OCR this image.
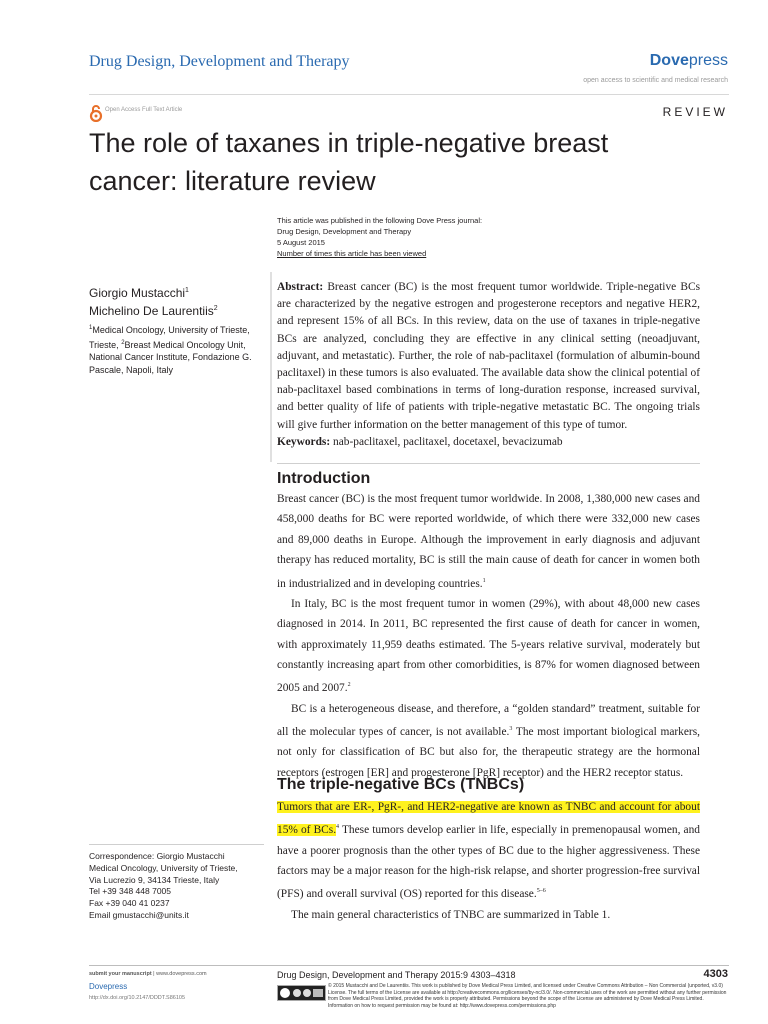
Drug Design, Development and Therapy	Dovepress
open access to scientific and medical research
Open Access Full Text Article	REVIEW
The role of taxanes in triple-negative breast cancer: literature review
This article was published in the following Dove Press journal:
Drug Design, Development and Therapy
5 August 2015
Number of times this article has been viewed
Giorgio Mustacchi$^1$
Michelino De Laurentiis$^2$
$^1$Medical Oncology, University of Trieste, Trieste, $^2$Breast Medical Oncology Unit, National Cancer Institute, Fondazione G. Pascale, Napoli, Italy
Abstract: Breast cancer (BC) is the most frequent tumor worldwide. Triple-negative BCs are characterized by the negative estrogen and progesterone receptors and negative HER2, and represent 15% of all BCs. In this review, data on the use of taxanes in triple-negative BCs are analyzed, concluding they are effective in any clinical setting (neoadjuvant, adjuvant, and metastatic). Further, the role of nab-paclitaxel (formulation of albumin-bound paclitaxel) in these tumors is also evaluated. The available data show the clinical potential of nab-paclitaxel based combinations in terms of long-duration response, increased survival, and better quality of life of patients with triple-negative metastatic BC. The ongoing trials will give further information on the better management of this type of tumor.
Keywords: nab-paclitaxel, paclitaxel, docetaxel, bevacizumab
Introduction

Breast cancer (BC) is the most frequent tumor worldwide. In 2008, 1,380,000 new cases and 458,000 deaths for BC were reported worldwide, of which there were 332,000 new cases and 89,000 deaths in Europe. Although the improvement in early diagnosis and adjuvant therapy has reduced mortality, BC is still the main cause of death for cancer in women both in industrialized and in developing countries.$^1$

In Italy, BC is the most frequent tumor in women (29%), with about 48,000 new cases diagnosed in 2014. In 2011, BC represented the first cause of death for cancer in women, with approximately 11,959 deaths estimated. The 5-years relative survival, moderately but constantly increasing apart from other comorbidities, is 87% for women diagnosed between 2005 and 2007.$^2$

BC is a heterogeneous disease, and therefore, a “golden standard” treatment, suitable for all the molecular types of cancer, is not available.$^3$ The most important biological markers, not only for classification of BC but also for, the therapeutic strategy are the hormonal receptors (estrogen [ER] and progesterone [PgR] receptor) and the HER2 receptor status.

The triple-negative BCs (TNBCs)

Tumors that are ER-, PgR-, and HER2-negative are known as TNBC and account for about 15% of BCs.$^4$ These tumors develop earlier in life, especially in premenopausal women, and have a poorer prognosis than the other types of BC due to the higher aggressiveness. These factors may be a major reason for the high-risk relapse, and shorter progression-free survival (PFS) and overall survival (OS) reported for this disease.$^{5-6}$

The main general characteristics of TNBC are summarized in Table 1.

Correspondence: Giorgio Mustacchi
Medical Oncology, University of Trieste,
Via Lucrezio 9, 34134 Trieste, Italy
Tel +39 348 448 7005
Fax +39 040 41 0237
Email gmustacchi@units.it
submit your manuscript | www.dovepress.com
Dovepress
http://dx.doi.org/10.2147/DDDT.S86105
Drug Design, Development and Therapy 2015:9 4303–4318	4303
© 2015 Mustacchi and De Laurentiis. This work is published by Dove Medical Press Limited, and licensed under Creative Commons Attribution – Non Commercial (unported, v3.0) License. The full terms of the License are available at http://creativecommons.org/licenses/by-nc/3.0/. Non-commercial uses of the work are permitted without any further permission from Dove Medical Press Limited, provided the work is properly attributed. Permissions beyond the scope of the License are administered by Dove Medical Press Limited. Information on how to request permission may be found at: http://www.dovepress.com/permissions.php
